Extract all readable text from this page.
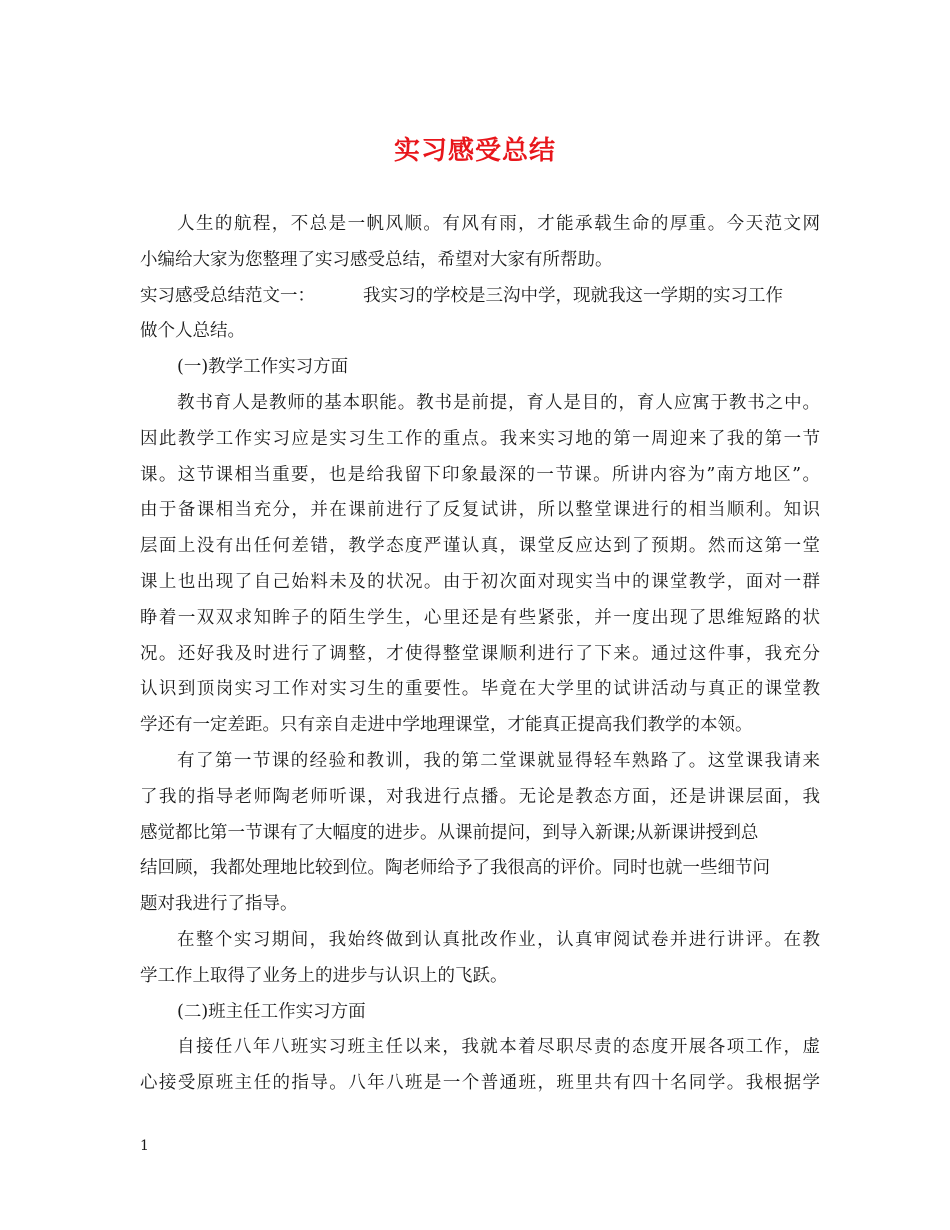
实习感受总结
人生的航程，不总是一帆风顺。有风有雨，才能承载生命的厚重。今天范文网
小编给大家为您整理了实习感受总结，希望对大家有所帮助。
实习感受总结范文一：	我实习的学校是三沟中学，现就我这一学期的实习工作
做个人总结。
(一)教学工作实习方面
教书育人是教师的基本职能。教书是前提，育人是目的，育人应寓于教书之中。
因此教学工作实习应是实习生工作的重点。我来实习地的第一周迎来了我的第一节
课。这节课相当重要，也是给我留下印象最深的一节课。所讲内容为”南方地区”。
由于备课相当充分，并在课前进行了反复试讲，所以整堂课进行的相当顺利。知识
层面上没有出任何差错，教学态度严谨认真，课堂反应达到了预期。然而这第一堂
课上也出现了自己始料未及的状况。由于初次面对现实当中的课堂教学，面对一群
睁着一双双求知眸子的陌生学生，心里还是有些紧张，并一度出现了思维短路的状
况。还好我及时进行了调整，才使得整堂课顺利进行了下来。通过这件事，我充分
认识到顶岗实习工作对实习生的重要性。毕竟在大学里的试讲活动与真正的课堂教
学还有一定差距。只有亲自走进中学地理课堂，才能真正提高我们教学的本领。
有了第一节课的经验和教训，我的第二堂课就显得轻车熟路了。这堂课我请来
了我的指导老师陶老师听课，对我进行点播。无论是教态方面，还是讲课层面，我
感觉都比第一节课有了大幅度的进步。从课前提问，到导入新课;从新课讲授到总
结回顾，我都处理地比较到位。陶老师给予了我很高的评价。同时也就一些细节问
题对我进行了指导。
在整个实习期间，我始终做到认真批改作业，认真审阅试卷并进行讲评。在教
学工作上取得了业务上的进步与认识上的飞跃。
(二)班主任工作实习方面
自接任八年八班实习班主任以来，我就本着尽职尽责的态度开展各项工作，虚
心接受原班主任的指导。八年八班是一个普通班，班里共有四十名同学。我根据学
1
